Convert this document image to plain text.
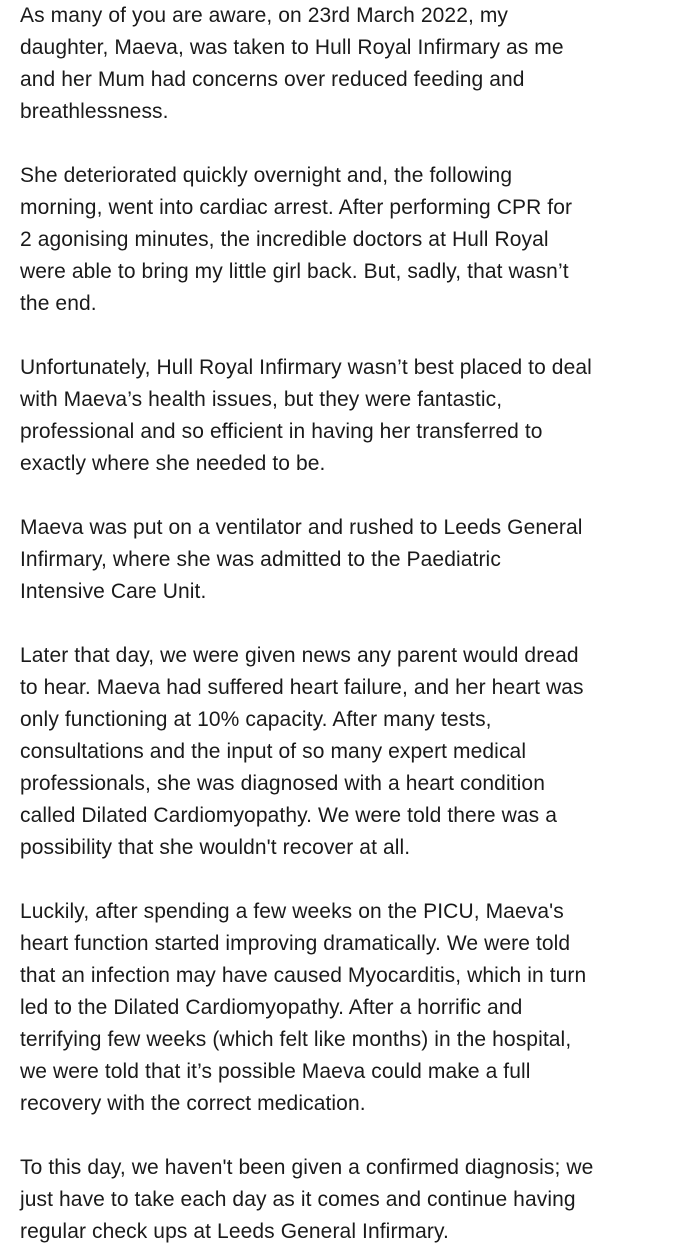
As many of you are aware, on 23rd March 2022, my
daughter, Maeva, was taken to Hull Royal Infirmary as me
and her Mum had concerns over reduced feeding and
breathlessness.

She deteriorated quickly overnight and, the following
morning, went into cardiac arrest. After performing CPR for
2 agonising minutes, the incredible doctors at Hull Royal
were able to bring my little girl back. But, sadly, that wasn’t
the end.

Unfortunately, Hull Royal Infirmary wasn’t best placed to deal
with Maeva’s health issues, but they were fantastic,
professional and so efficient in having her transferred to
exactly where she needed to be.

Maeva was put on a ventilator and rushed to Leeds General
Infirmary, where she was admitted to the Paediatric
Intensive Care Unit.

Later that day, we were given news any parent would dread
to hear. Maeva had suffered heart failure, and her heart was
only functioning at 10% capacity. After many tests,
consultations and the input of so many expert medical
professionals, she was diagnosed with a heart condition
called Dilated Cardiomyopathy. We were told there was a
possibility that she wouldn't recover at all.

Luckily, after spending a few weeks on the PICU, Maeva's
heart function started improving dramatically. We were told
that an infection may have caused Myocarditis, which in turn
led to the Dilated Cardiomyopathy. After a horrific and
terrifying few weeks (which felt like months) in the hospital,
we were told that it’s possible Maeva could make a full
recovery with the correct medication.

To this day, we haven't been given a confirmed diagnosis; we
just have to take each day as it comes and continue having
regular check ups at Leeds General Infirmary.
